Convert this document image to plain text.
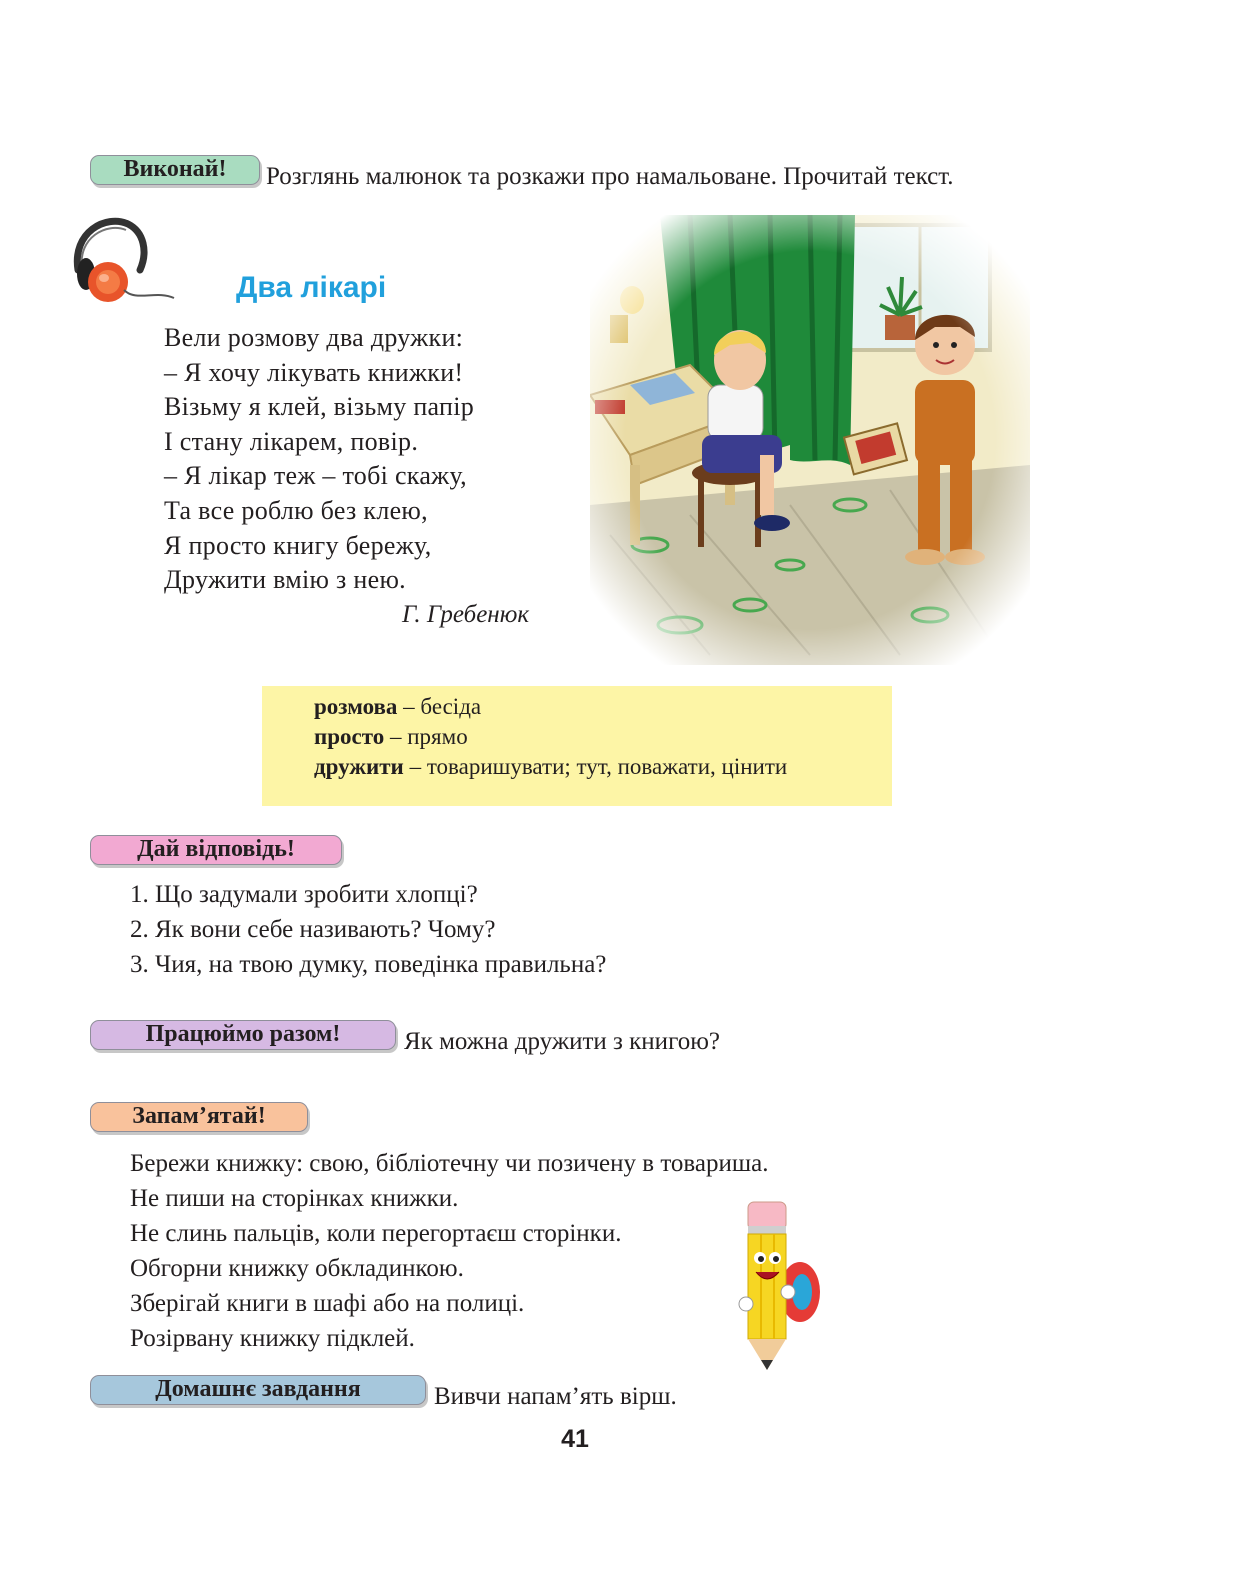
Виконай!	Розглянь малюнок та розкажи про намальоване. Прочитай текст.
Два лікарі
Вели розмову два дружки:
– Я хочу лікувать книжки!
Візьму я клей, візьму папір
І стану лікарем, повір.
– Я лікар теж – тобі скажу,
Та все роблю без клею,
Я просто книгу бережу,
Дружити вмію з нею.
Г. Гребенюк
розмова – бесіда
просто – прямо
дружити – товаришувати; тут, поважати, цінити
Дай відповідь!
1. Що задумали зробити хлопці?
2. Як вони себе називають? Чому?
3. Чия, на твою думку, поведінка правильна?
Працюймо разом!	Як можна дружити з книгою?
Запам’ятай!
Бережи книжку: свою, бібліотечну чи позичену в товариша.
Не пиши на сторінках книжки.
Не слинь пальців, коли перегортаєш сторінки.
Обгорни книжку обкладинкою.
Зберігай книги в шафі або на полиці.
Розірвану книжку підклей.
Домашнє завдання	Вивчи напам’ять вірш.
41
